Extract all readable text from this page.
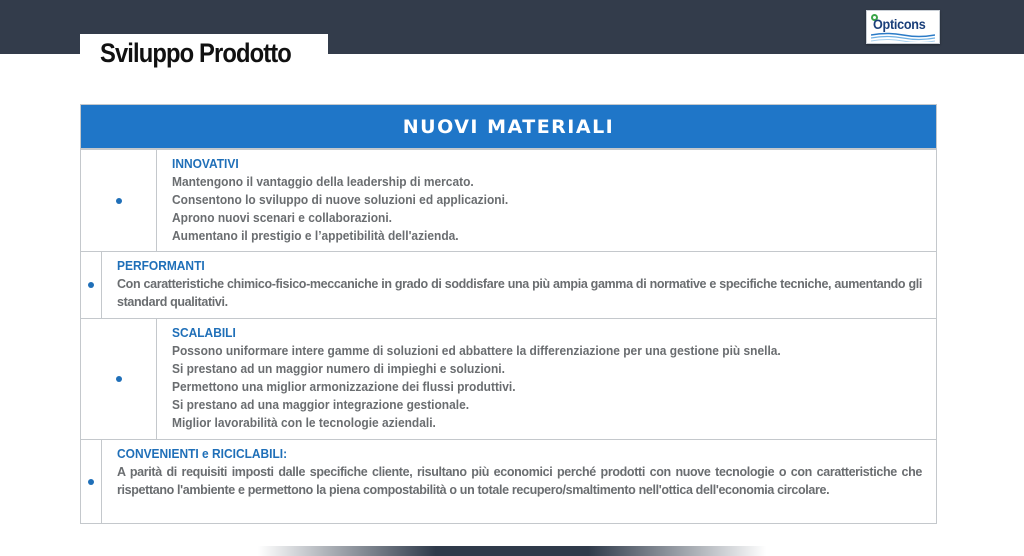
Sviluppo Prodotto
Opticons
NUOVI MATERIALI
INNOVATIVI
Mantengono il vantaggio della leadership di mercato.
Consentono lo sviluppo di nuove soluzioni ed applicazioni.
Aprono nuovi scenari e collaborazioni.
Aumentano il prestigio e l’appetibilità dell'azienda.
PERFORMANTI
Con caratteristiche chimico-fisico-meccaniche in grado di soddisfare una più ampia gamma di normative e specifiche tecniche, aumentando gli standard qualitativi.
SCALABILI
Possono uniformare intere gamme di soluzioni ed abbattere la differenziazione per una gestione più snella.
Si prestano ad un maggior numero di impieghi e soluzioni.
Permettono una miglior armonizzazione dei flussi produttivi.
Si prestano ad una maggior integrazione gestionale.
Miglior lavorabilità con le tecnologie aziendali.
CONVENIENTI e RICICLABILI:
A parità di requisiti imposti dalle specifiche cliente, risultano più economici perché prodotti con nuove tecnologie o con caratteristiche che rispettano l'ambiente e permettono la piena compostabilità o un totale recupero/smaltimento nell'ottica dell'economia circolare.
